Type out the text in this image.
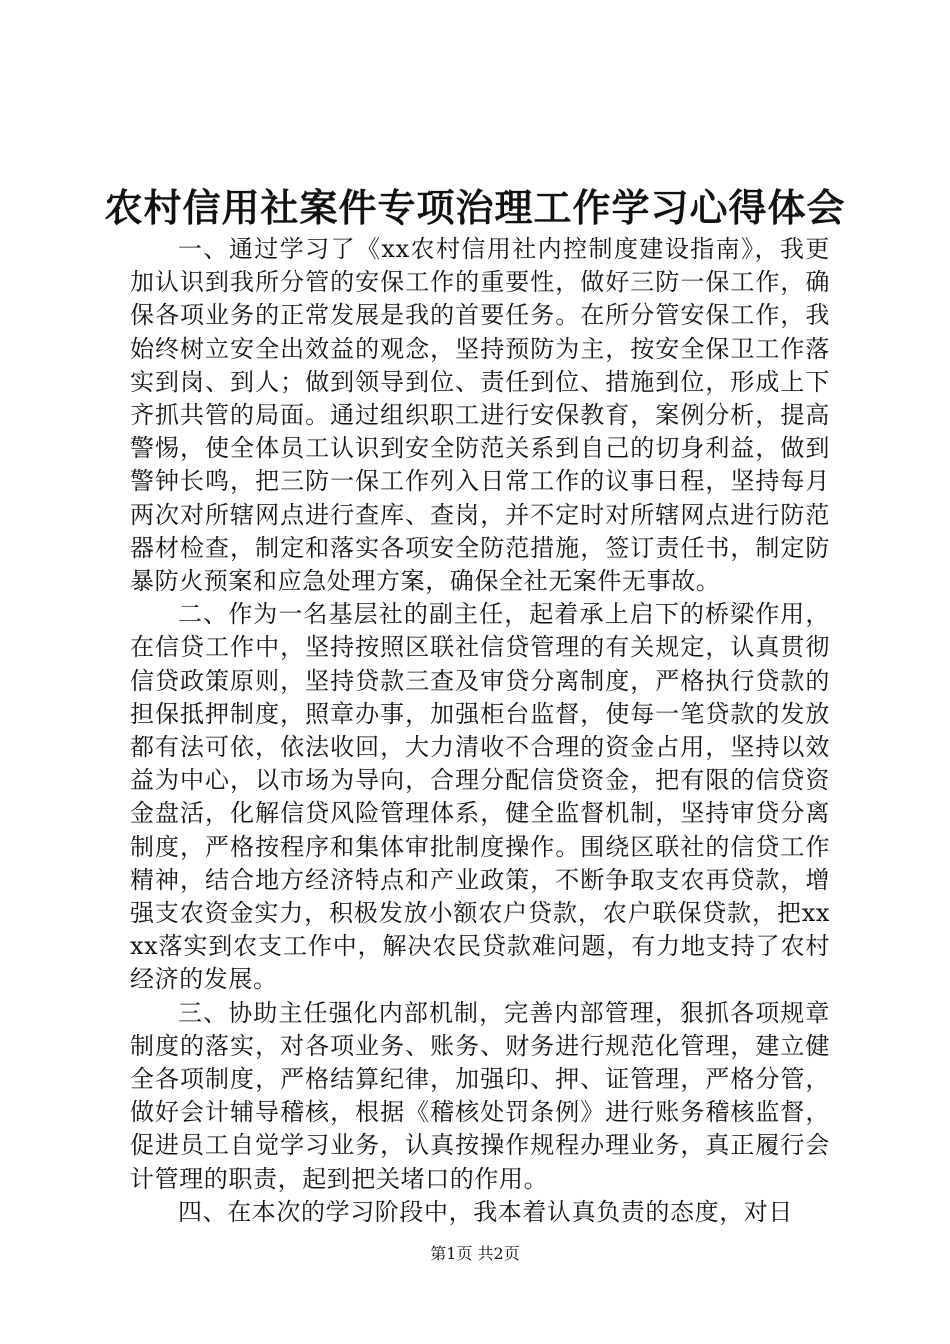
农村信用社案件专项治理工作学习心得体会

一、通过学习了《xx农村信用社内控制度建设指南》，我更加认识到我所分管的安保工作的重要性，做好三防一保工作，确保各项业务的正常发展是我的首要任务。在所分管安保工作，我始终树立安全出效益的观念，坚持预防为主，按安全保卫工作落实到岗、到人；做到领导到位、责任到位、措施到位，形成上下齐抓共管的局面。通过组织职工进行安保教育，案例分析，提高警惕，使全体员工认识到安全防范关系到自己的切身利益，做到警钟长鸣，把三防一保工作列入日常工作的议事日程，坚持每月两次对所辖网点进行查库、查岗，并不定时对所辖网点进行防范器材检查，制定和落实各项安全防范措施，签订责任书，制定防暴防火预案和应急处理方案，确保全社无案件无事故。

二、作为一名基层社的副主任，起着承上启下的桥梁作用，在信贷工作中，坚持按照区联社信贷管理的有关规定，认真贯彻信贷政策原则，坚持贷款三查及审贷分离制度，严格执行贷款的担保抵押制度，照章办事，加强柜台监督，使每一笔贷款的发放都有法可依，依法收回，大力清收不合理的资金占用，坚持以效益为中心，以市场为导向，合理分配信贷资金，把有限的信贷资金盘活，化解信贷风险管理体系，健全监督机制，坚持审贷分离制度，严格按程序和集体审批制度操作。围绕区联社的信贷工作精神，结合地方经济特点和产业政策，不断争取支农再贷款，增强支农资金实力，积极发放小额农户贷款，农户联保贷款，把xxxx落实到农支工作中，解决农民贷款难问题，有力地支持了农村经济的发展。

三、协助主任强化内部机制，完善内部管理，狠抓各项规章制度的落实，对各项业务、账务、财务进行规范化管理，建立健全各项制度，严格结算纪律，加强印、押、证管理，严格分管，做好会计辅导稽核，根据《稽核处罚条例》进行账务稽核监督，促进员工自觉学习业务，认真按操作规程办理业务，真正履行会计管理的职责，起到把关堵口的作用。

四、在本次的学习阶段中，我本着认真负责的态度，对日

第1页 共2页
